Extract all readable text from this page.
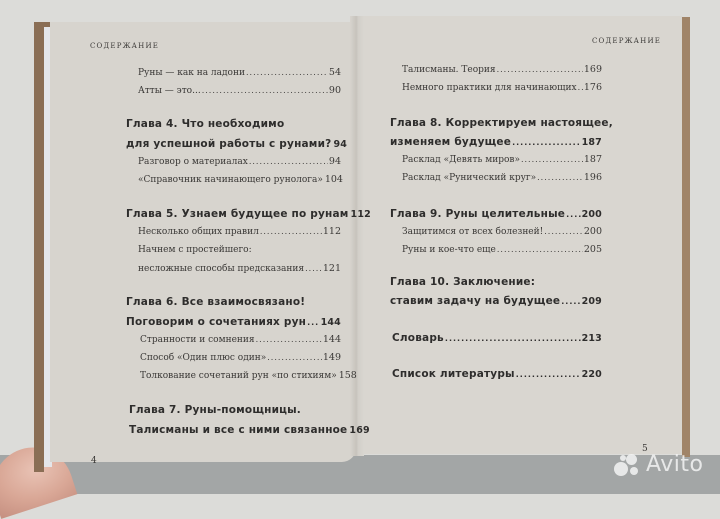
СОДЕРЖАНИЕ
Руны — как на ладони .....	54
Атты — это... .....	90
Глава 4. Что необходимо
для успешной работы с рунами? 94
Разговор о материалах .....	94
«Справочник начинающего рунолога» 104
Глава 5. Узнаем будущее по рунам 112
Несколько общих правил .....	112
Начнем с простейшего:
несложные способы предсказания ..... 121
Глава 6. Все взаимосвязано!
Поговорим о сочетаниях рун ..... 144
Странности и сомнения .....	144
Способ «Один плюс один» .....	149
Толкование сочетаний рун «по стихиям» 158
Глава 7. Руны-помощницы.
Талисманы и все с ними связанное 169
4
СОДЕРЖАНИЕ
Талисманы. Теория .....	169
Немного практики для начинающих ..... 176
Глава 8. Корректируем настоящее,
изменяем будущее .....	187
Расклад «Девять миров» .....	187
Расклад «Рунический круг» .....	196
Глава 9. Руны целительные ..... 200
Защитимся от всех болезней! .....	200
Руны и кое-что еще .....	205
Глава 10. Заключение:
ставим задачу на будущее ..... 209
Словарь .....	213
Список литературы .....	220
5
Avito
